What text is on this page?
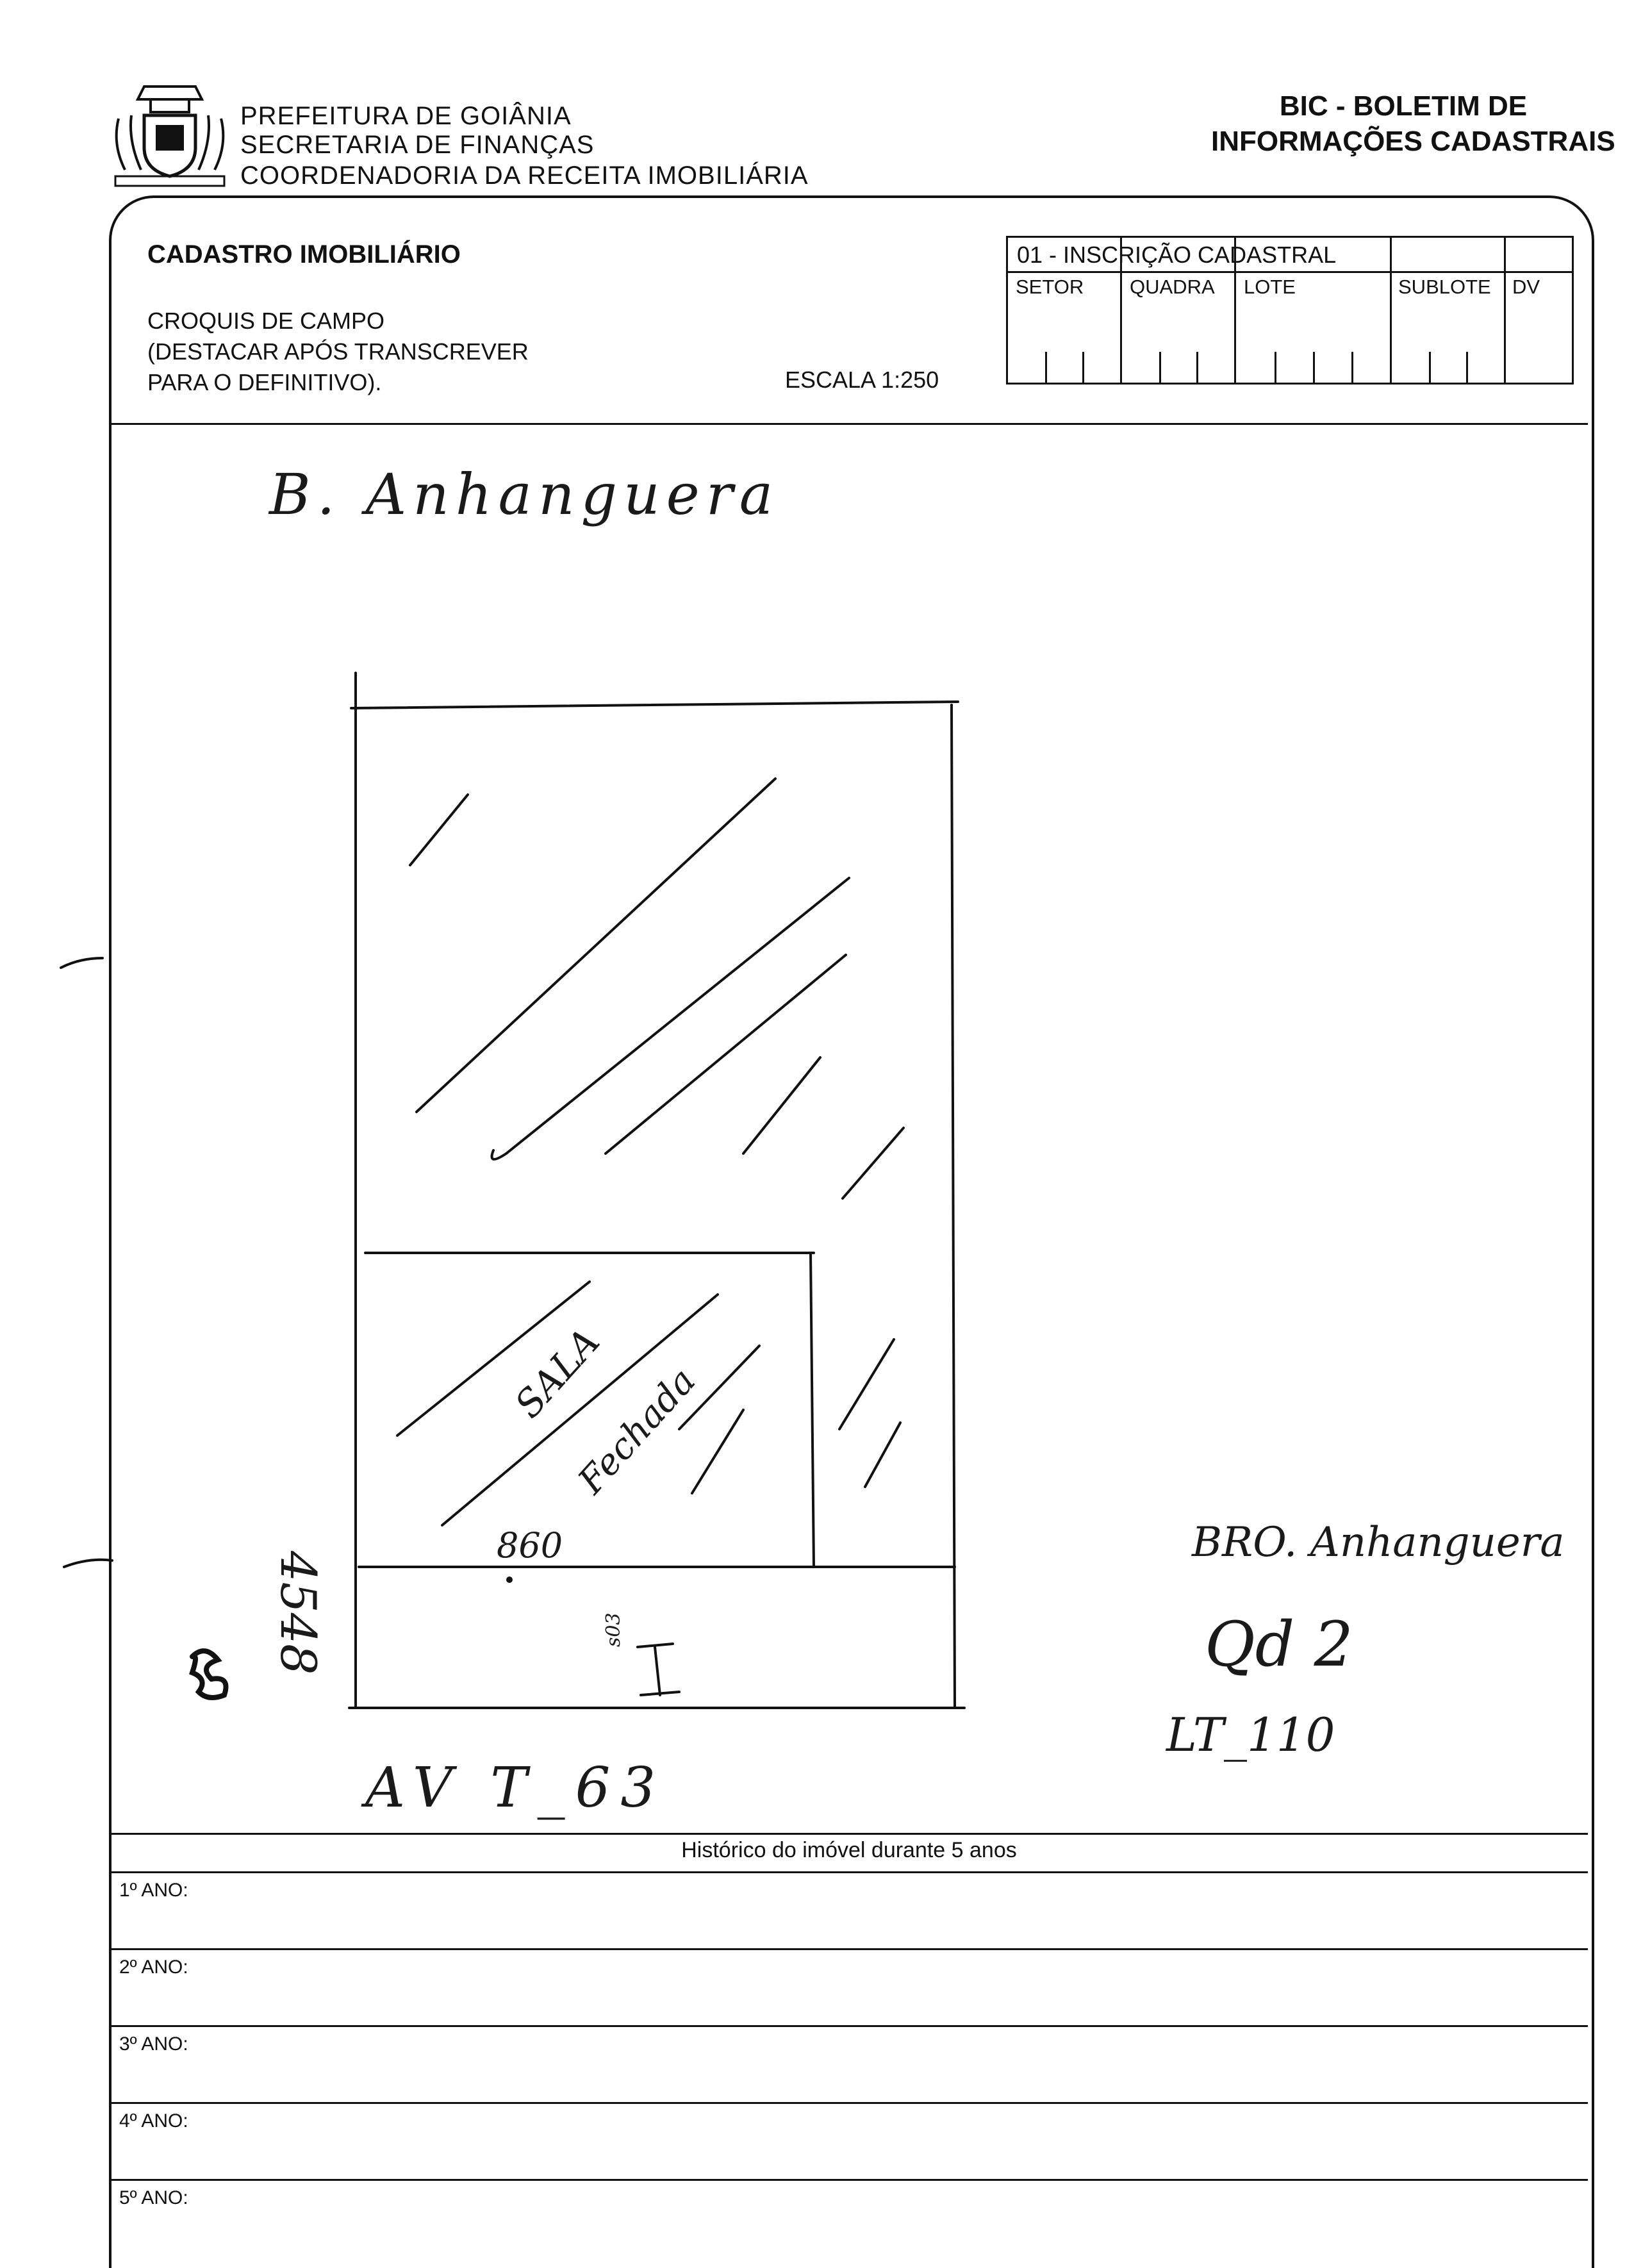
PREFEITURA DE GOIÂNIA
SECRETARIA DE FINANÇAS
COORDENADORIA DA RECEITA IMOBILIÁRIA
BIC - BOLETIM DE
INFORMAÇÕES CADASTRAIS
CADASTRO IMOBILIÁRIO
CROQUIS DE CAMPO
(DESTACAR APÓS TRANSCREVER
PARA O DEFINITIVO).	ESCALA 1:250
01 - INSCRIÇÃO CADASTRAL
SETOR QUADRA LOTE	SUBLOTE DV
B. Anhanguera
SALA
Fechada
860
s03
4548
AV T_63
BRO. Anhanguera
Qd 2
LT_110
Histórico do imóvel durante 5 anos
1º ANO:
2º ANO:
3º ANO:
4º ANO:
5º ANO:
